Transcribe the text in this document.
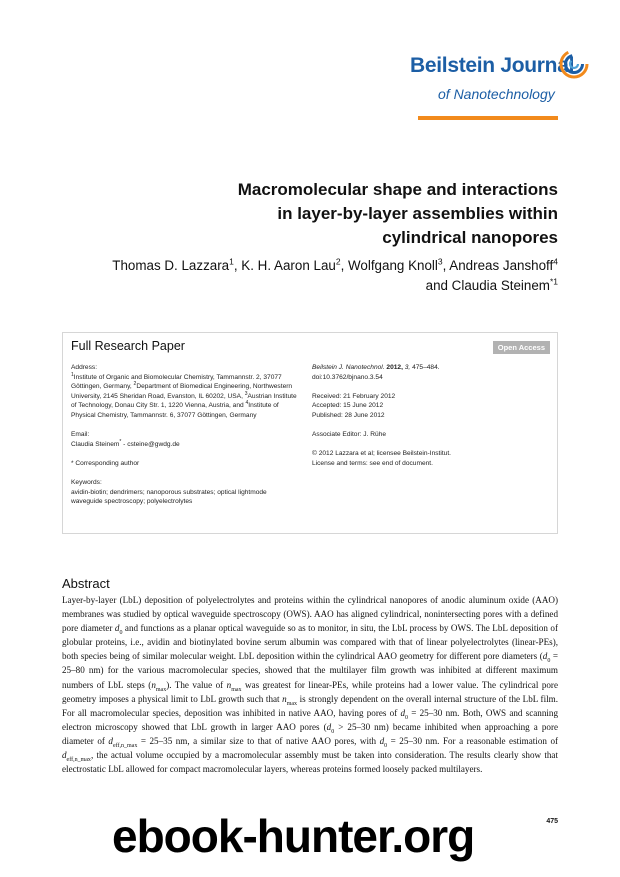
Beilstein Journal
of Nanotechnology
Macromolecular shape and interactions
in layer-by-layer assemblies within
cylindrical nanopores
Thomas D. Lazzara$^1$, K. H. Aaron Lau$^2$, Wolfgang Knoll$^3$, Andreas Janshoff$^4$
and Claudia Steinem$^{*1}$
Full Research Paper	Open Access
Address:

$^1$Institute of Organic and Biomolecular Chemistry, Tammannstr. 2, 37077 Göttingen, Germany, $^2$Department of Biomedical Engineering, Northwestern University, 2145 Sheridan Road, Evanston, IL 60202, USA, $^3$Austrian Institute of Technology, Donau City Str. 1, 1220 Vienna, Austria, and $^4$Institute of Physical Chemistry, Tammannstr. 6, 37077 Göttingen, Germany

Email:

Claudia Steinem* - csteine@gwdg.de

* Corresponding author

Keywords:

avidin-biotin; dendrimers; nanoporous substrates; optical lightmode waveguide spectroscopy; polyelectrolytes

Beilstein J. Nanotechnol. 2012, 3, 475–484.

doi:10.3762/bjnano.3.54

Received: 21 February 2012
Accepted: 15 June 2012

Published: 28 June 2012

Associate Editor: J. Rühe

© 2012 Lazzara et al; licensee Beilstein-Institut.
License and terms: see end of document.
Abstract
Layer-by-layer (LbL) deposition of polyelectrolytes and proteins within the cylindrical nanopores of anodic aluminum oxide (AAO) membranes was studied by optical waveguide spectroscopy (OWS). AAO has aligned cylindrical, nonintersecting pores with a defined pore diameter $d_0$ and functions as a planar optical waveguide so as to monitor, in situ, the LbL process by OWS. The LbL deposition of globular proteins, i.e., avidin and biotinylated bovine serum albumin was compared with that of linear polyelectrolytes (linear-PEs), both species being of similar molecular weight. LbL deposition within the cylindrical AAO geometry for different pore diameters ($d_0 = 25-80$ nm) for the various macromolecular species, showed that the multilayer film growth was inhibited at different maximum numbers of LbL steps $(n_{max})$. The value of $n_{max}$ was greatest for linear-PEs, while proteins had a lower value. The cylindrical pore geometry imposes a physical limit to LbL growth such that $n_{max}$ is strongly dependent on the overall internal structure of the LbL film. For all macromolecular species, deposition was inhibited in native AAO, having pores of $d_0 = 25-30$ nm. Both, OWS and scanning electron microscopy showed that LbL growth in larger AAO pores ($d_0 > 25-30$ nm) became inhibited when approaching a pore diameter of $d_{eff,n\_max} = 25-35$ nm, a similar size to that of native AAO pores, with $d_0 = 25-30$ nm. For a reasonable estimation of $d_{eff,n\_max}$, the actual volume occupied by a macromolecular assembly must be taken into consideration. The results clearly show that electrostatic LbL allowed for compact macromolecular layers, whereas proteins formed loosely packed multilayers.
475
ebook-hunter.org
